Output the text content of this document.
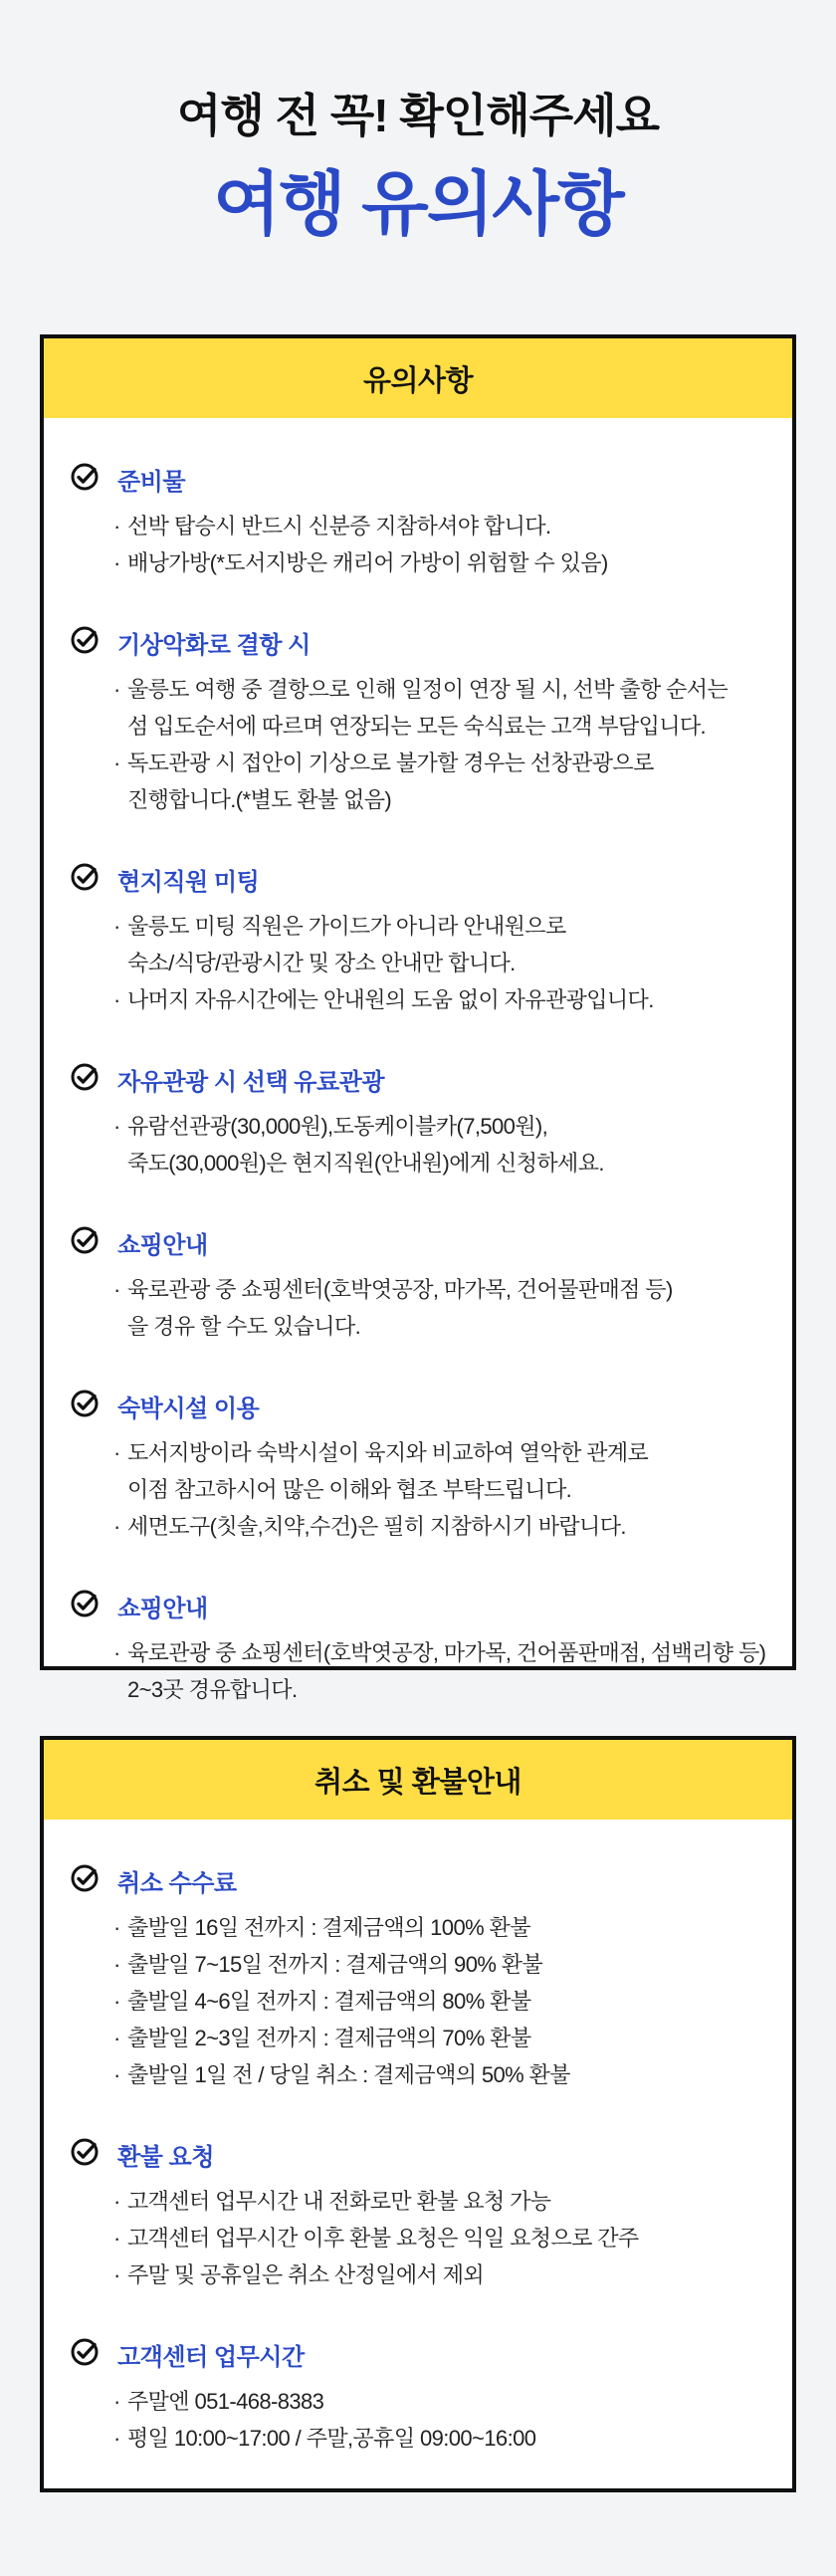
여행 전 꼭! 확인해주세요
여행 유의사항
유의사항
준비물
· 선박 탑승시 반드시 신분증 지참하셔야 합니다.
· 배낭가방(*도서지방은 캐리어 가방이 위험할 수 있음)
기상악화로 결항 시
· 울릉도 여행 중 결항으로 인해 일정이 연장 될 시, 선박 출항 순서는
섬 입도순서에 따르며 연장되는 모든 숙식료는 고객 부담입니다.
· 독도관광 시 접안이 기상으로 불가할 경우는 선창관광으로
진행합니다.(*별도 환불 없음)
현지직원 미팅
· 울릉도 미팅 직원은 가이드가 아니라 안내원으로
숙소/식당/관광시간 및 장소 안내만 합니다.
· 나머지 자유시간에는 안내원의 도움 없이 자유관광입니다.
자유관광 시 선택 유료관광
· 유람선관광(30,000원),도동케이블카(7,500원),
죽도(30,000원)은 현지직원(안내원)에게 신청하세요.
쇼핑안내
· 육로관광 중 쇼핑센터(호박엿공장, 마가목, 건어물판매점 등)
을 경유 할 수도 있습니다.
숙박시설 이용
· 도서지방이라 숙박시설이 육지와 비교하여 열악한 관계로
이점 참고하시어 많은 이해와 협조 부탁드립니다.
· 세면도구(칫솔,치약,수건)은 필히 지참하시기 바랍니다.
쇼핑안내
· 육로관광 중 쇼핑센터(호박엿공장, 마가목, 건어품판매점, 섬백리향 등)
2~3곳 경유합니다.
취소 및 환불안내
취소 수수료
· 출발일 16일 전까지 : 결제금액의 100% 환불
· 출발일 7~15일 전까지 : 결제금액의 90% 환불
· 출발일 4~6일 전까지 : 결제금액의 80% 환불
· 출발일 2~3일 전까지 : 결제금액의 70% 환불
· 출발일 1일 전 / 당일 취소 : 결제금액의 50% 환불
환불 요청
· 고객센터 업무시간 내 전화로만 환불 요청 가능
· 고객센터 업무시간 이후 환불 요청은 익일 요청으로 간주
· 주말 및 공휴일은 취소 산정일에서 제외
고객센터 업무시간
· 주말엔 051-468-8383
· 평일 10:00~17:00 / 주말,공휴일 09:00~16:00
